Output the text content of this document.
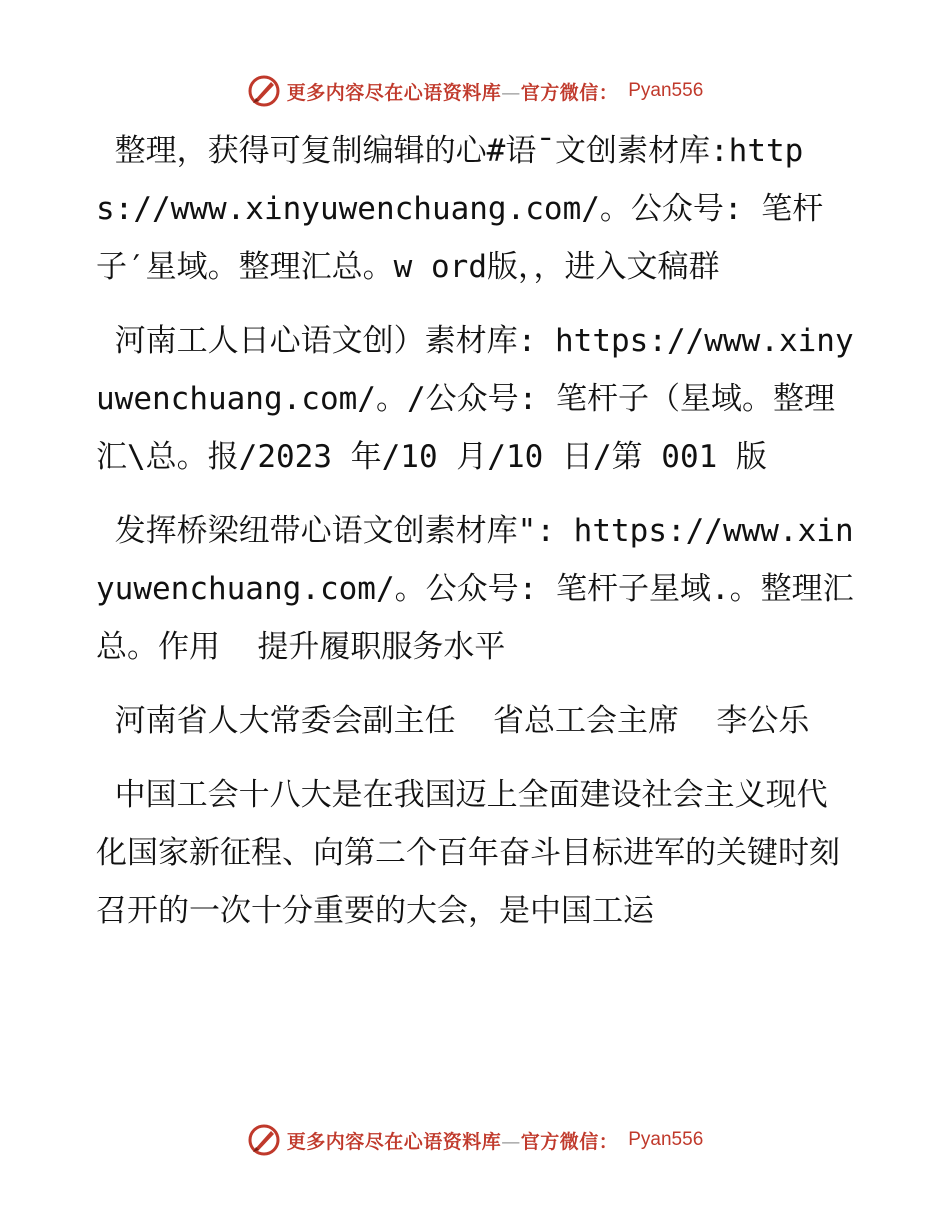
更多内容尽在心语资料库—官方微信： Pyan556

整理，获得可复制编辑的心#语¯文创素材库:https://www.xinyuwenchuang.com/。公众号: 笔杆子′星域。整理汇总。w ord版，，进入文稿群

河南工人日心语文创）素材库: https://www.xinyuwenchuang.com/。/公众号: 笔杆子（星域。整理汇\总。报/2023 年/10 月/10 日/第 001 版

发挥桥梁纽带心语文创素材库": https://www.xinyuwenchuang.com/。公众号: 笔杆子星域.。整理汇总。作用  提升履职服务水平

河南省人大常委会副主任  省总工会主席  李公乐

中国工会十八大是在我国迈上全面建设社会主义现代化国家新征程、向第二个百年奋斗目标进军的关键时刻召开的一次十分重要的大会，是中国工运

更多内容尽在心语资料库—官方微信： Pyan556
